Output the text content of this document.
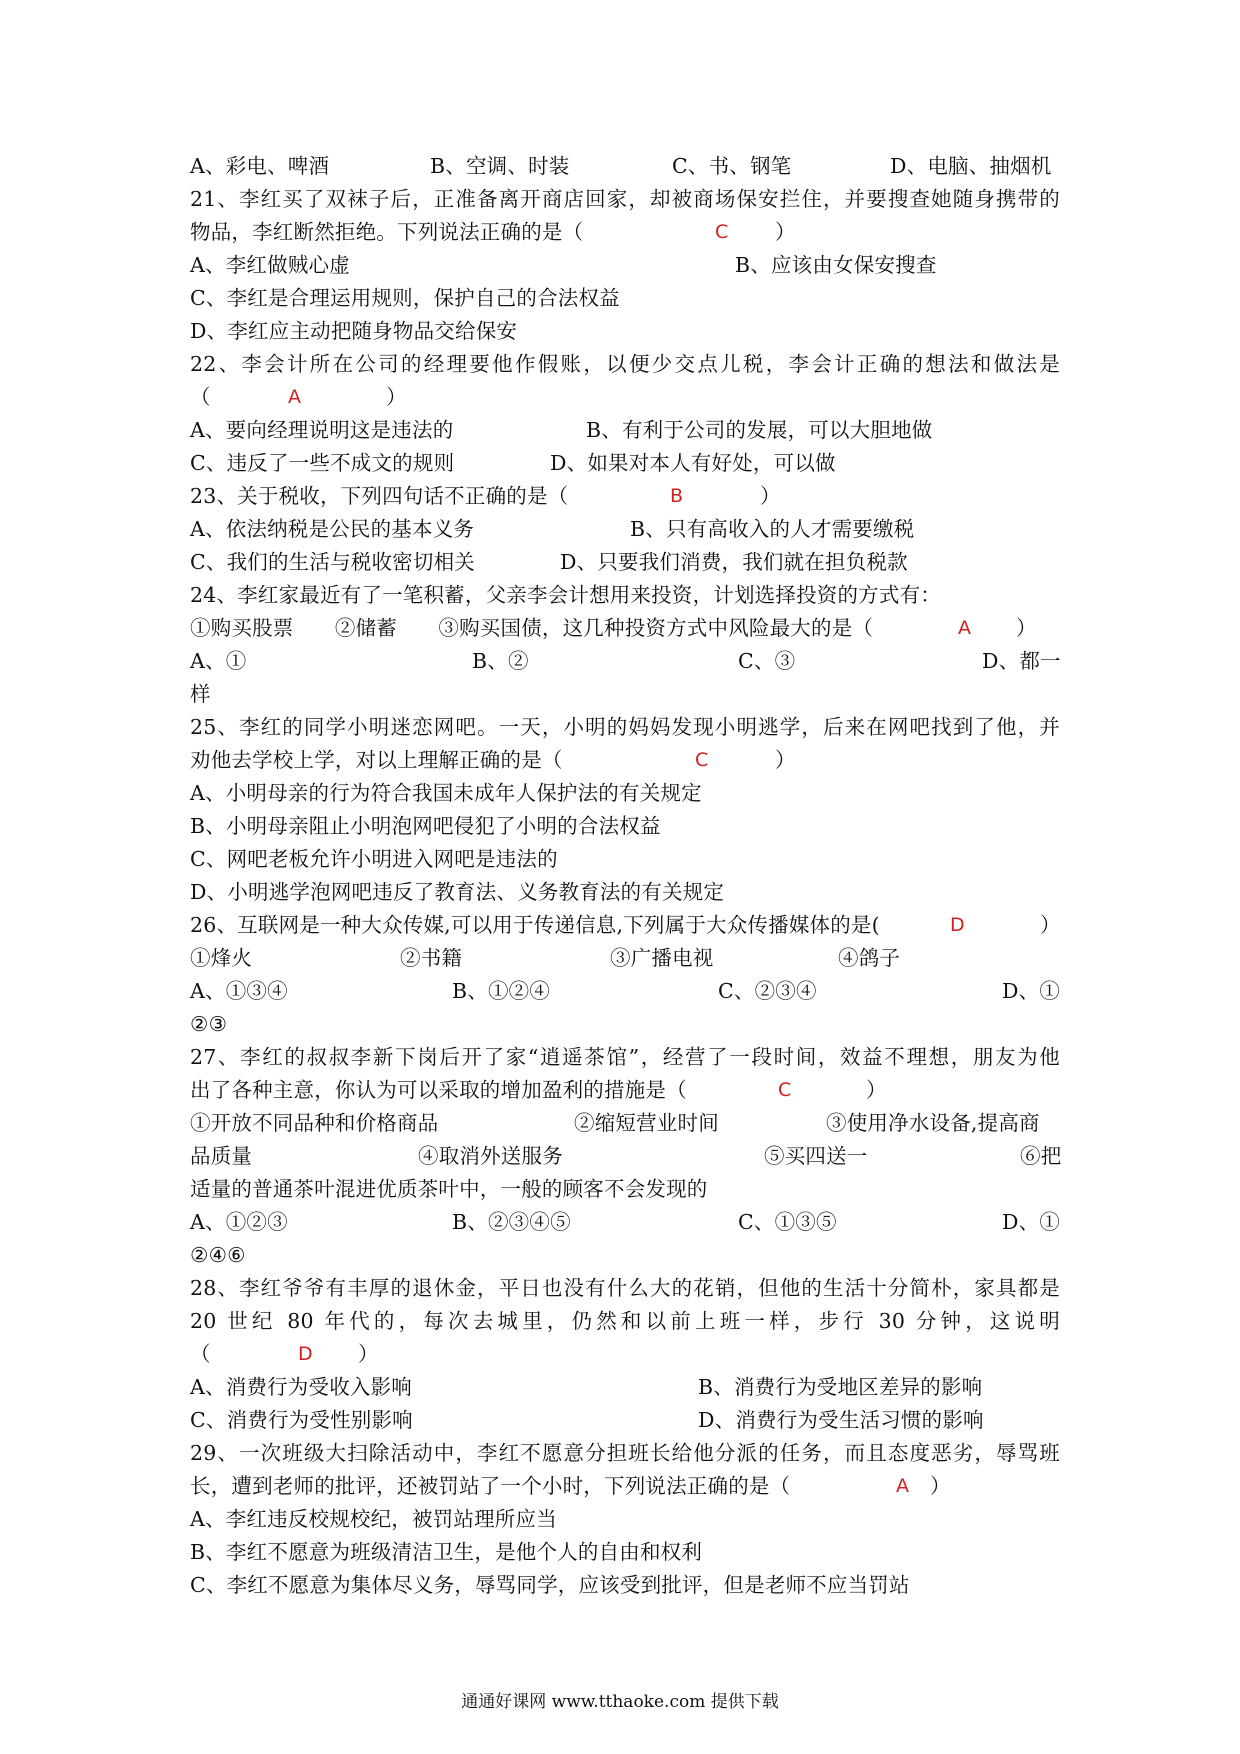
A、彩电、啤酒	B、空调、时装	C、书、钢笔	D、电脑、抽烟机
21、李红买了双袜子后，正准备离开商店回家，却被商场保安拦住，并要搜查她随身携带的
物品，李红断然拒绝。下列说法正确的是（	C ）
A、李红做贼心虚	B、应该由女保安搜查
C、李红是合理运用规则，保护自己的合法权益
D、李红应主动把随身物品交给保安
22、李会计所在公司的经理要他作假账，以便少交点儿税，李会计正确的想法和做法是
（	A	）
A、要向经理说明这是违法的	B、有利于公司的发展，可以大胆地做
C、违反了一些不成文的规则	D、如果对本人有好处，可以做
23、关于税收，下列四句话不正确的是（	B	）
A、依法纳税是公民的基本义务	B、只有高收入的人才需要缴税
C、我们的生活与税收密切相关	D、只要我们消费，我们就在担负税款
24、李红家最近有了一笔积蓄，父亲李会计想用来投资，计划选择投资的方式有：
①购买股票　　②储蓄　　③购买国债，这几种投资方式中风险最大的是（	A ）
A、①	B、②	C、③	D、都一
样
25、李红的同学小明迷恋网吧。一天，小明的妈妈发现小明逃学，后来在网吧找到了他，并
劝他去学校上学，对以上理解正确的是（	C	）
A、小明母亲的行为符合我国未成年人保护法的有关规定
B、小明母亲阻止小明泡网吧侵犯了小明的合法权益
C、网吧老板允许小明进入网吧是违法的
D、小明逃学泡网吧违反了教育法、义务教育法的有关规定
26、互联网是一种大众传媒,可以用于传递信息,下列属于大众传播媒体的是(	D	）
①烽火	②书籍	③广播电视	④鸽子
A、①③④	B、①②④	C、②③④	D、①
②③
27、李红的叔叔李新下岗后开了家“逍遥茶馆”，经营了一段时间，效益不理想，朋友为他
出了各种主意，你认为可以采取的增加盈利的措施是（	C	）
①开放不同品种和价格商品	②缩短营业时间	③使用净水设备,提高商
品质量	④取消外送服务	⑤买四送一	⑥把
适量的普通茶叶混进优质茶叶中，一般的顾客不会发现的
A、①②③	B、②③④⑤	C、①③⑤	D、①
②④⑥
28、李红爷爷有丰厚的退休金，平日也没有什么大的花销，但他的生活十分简朴，家具都是
20 世纪 80 年代的，每次去城里，仍然和以前上班一样，步行 30 分钟，这说明
（	D ）
A、消费行为受收入影响	B、消费行为受地区差异的影响
C、消费行为受性别影响	D、消费行为受生活习惯的影响
29、一次班级大扫除活动中，李红不愿意分担班长给他分派的任务，而且态度恶劣，辱骂班
长，遭到老师的批评，还被罚站了一个小时，下列说法正确的是（	A ）
A、李红违反校规校纪，被罚站理所应当
B、李红不愿意为班级清洁卫生，是他个人的自由和权利
C、李红不愿意为集体尽义务，辱骂同学，应该受到批评，但是老师不应当罚站
通通好课网 www.tthaoke.com 提供下载
